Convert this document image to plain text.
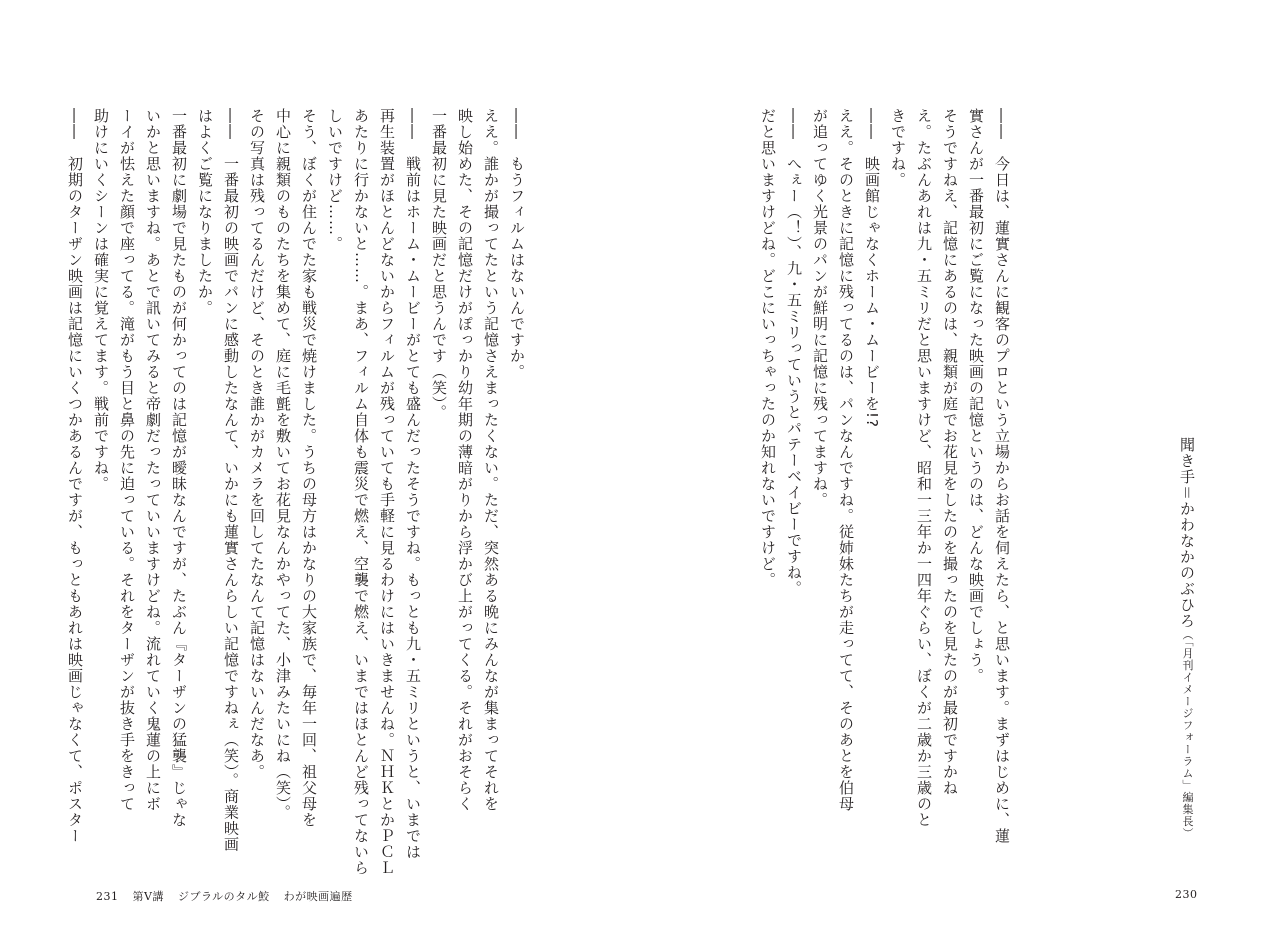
――　今日は、蓮實さんに観客のプロという立場からお話を伺えたら、と思います。まずはじめに、蓮
實さんが一番最初にご覧になった映画の記憶というのは、どんな映画でしょう。
そうですねえ、記憶にあるのは、親類が庭でお花見をしたのを撮ったのを見たのが最初ですかね
え。たぶんあれは九・五ミリだと思いますけど、昭和一三年か一四年ぐらい、ぼくが二歳か三歳のと
きですね。
――　映画館じゃなくホーム・ムービーを!?
ええ。そのときに記憶に残ってるのは、パンなんですね。従姉妹たちが走ってて、そのあとを伯母
が追ってゆく光景のパンが鮮明に記憶に残ってますね。
――　へぇー（！）、九・五ミリっていうとパテーベイビーですね。
だと思いますけどね。どこにいっちゃったのか知れないですけど。	聞き手＝かわなかのぶひろ（「月刊イメージフォーラム」編集長）
――　もうフィルムはないんですか。
ええ。誰かが撮ってたという記憶さえまったくない。ただ、突然ある晩にみんなが集まってそれを
映し始めた、その記憶だけがぽっかり幼年期の薄暗がりから浮かび上がってくる。それがおそらく
一番最初に見た映画だと思うんです（笑）。
――　戦前はホーム・ムービーがとても盛んだったそうですね。もっとも九・五ミリというと、いまでは
再生装置がほとんどないからフィルムが残っていても手軽に見るわけにはいきませんね。ＮＨＫとかＰＣＬ
あたりに行かないと……。まあ、フィルム自体も震災で燃え、空襲で燃え、いまではほとんど残ってないら
しいですけど……。
そう、ぼくが住んでた家も戦災で焼けました。うちの母方はかなりの大家族で、毎年一回、祖父母を
中心に親類のものたちを集めて、庭に毛氈を敷いてお花見なんかやってた、小津みたいにね（笑）。
その写真は残ってるんだけど、そのとき誰かがカメラを回してたなんて記憶はないんだなあ。
――　一番最初の映画でパンに感動したなんて、いかにも蓮實さんらしい記憶ですねぇ（笑）。商業映画
はよくご覧になりましたか。
一番最初に劇場で見たものが何かってのは記憶が曖昧なんですが、たぶん『ターザンの猛襲』じゃな
いかと思いますね。あとで訊いてみると帝劇だったっていいますけどね。流れていく鬼蓮の上にボ
ーイが怯えた顔で座ってる。滝がもう目と鼻の先に迫っている。それをターザンが抜き手をきって
助けにいくシーンは確実に覚えてます。戦前ですね。
――　初期のターザン映画は記憶にいくつかあるんですが、もっともあれは映画じゃなくて、ポスター
231 第Ⅴ講 ジブラルのタル鮫 わが映画遍歴	230
